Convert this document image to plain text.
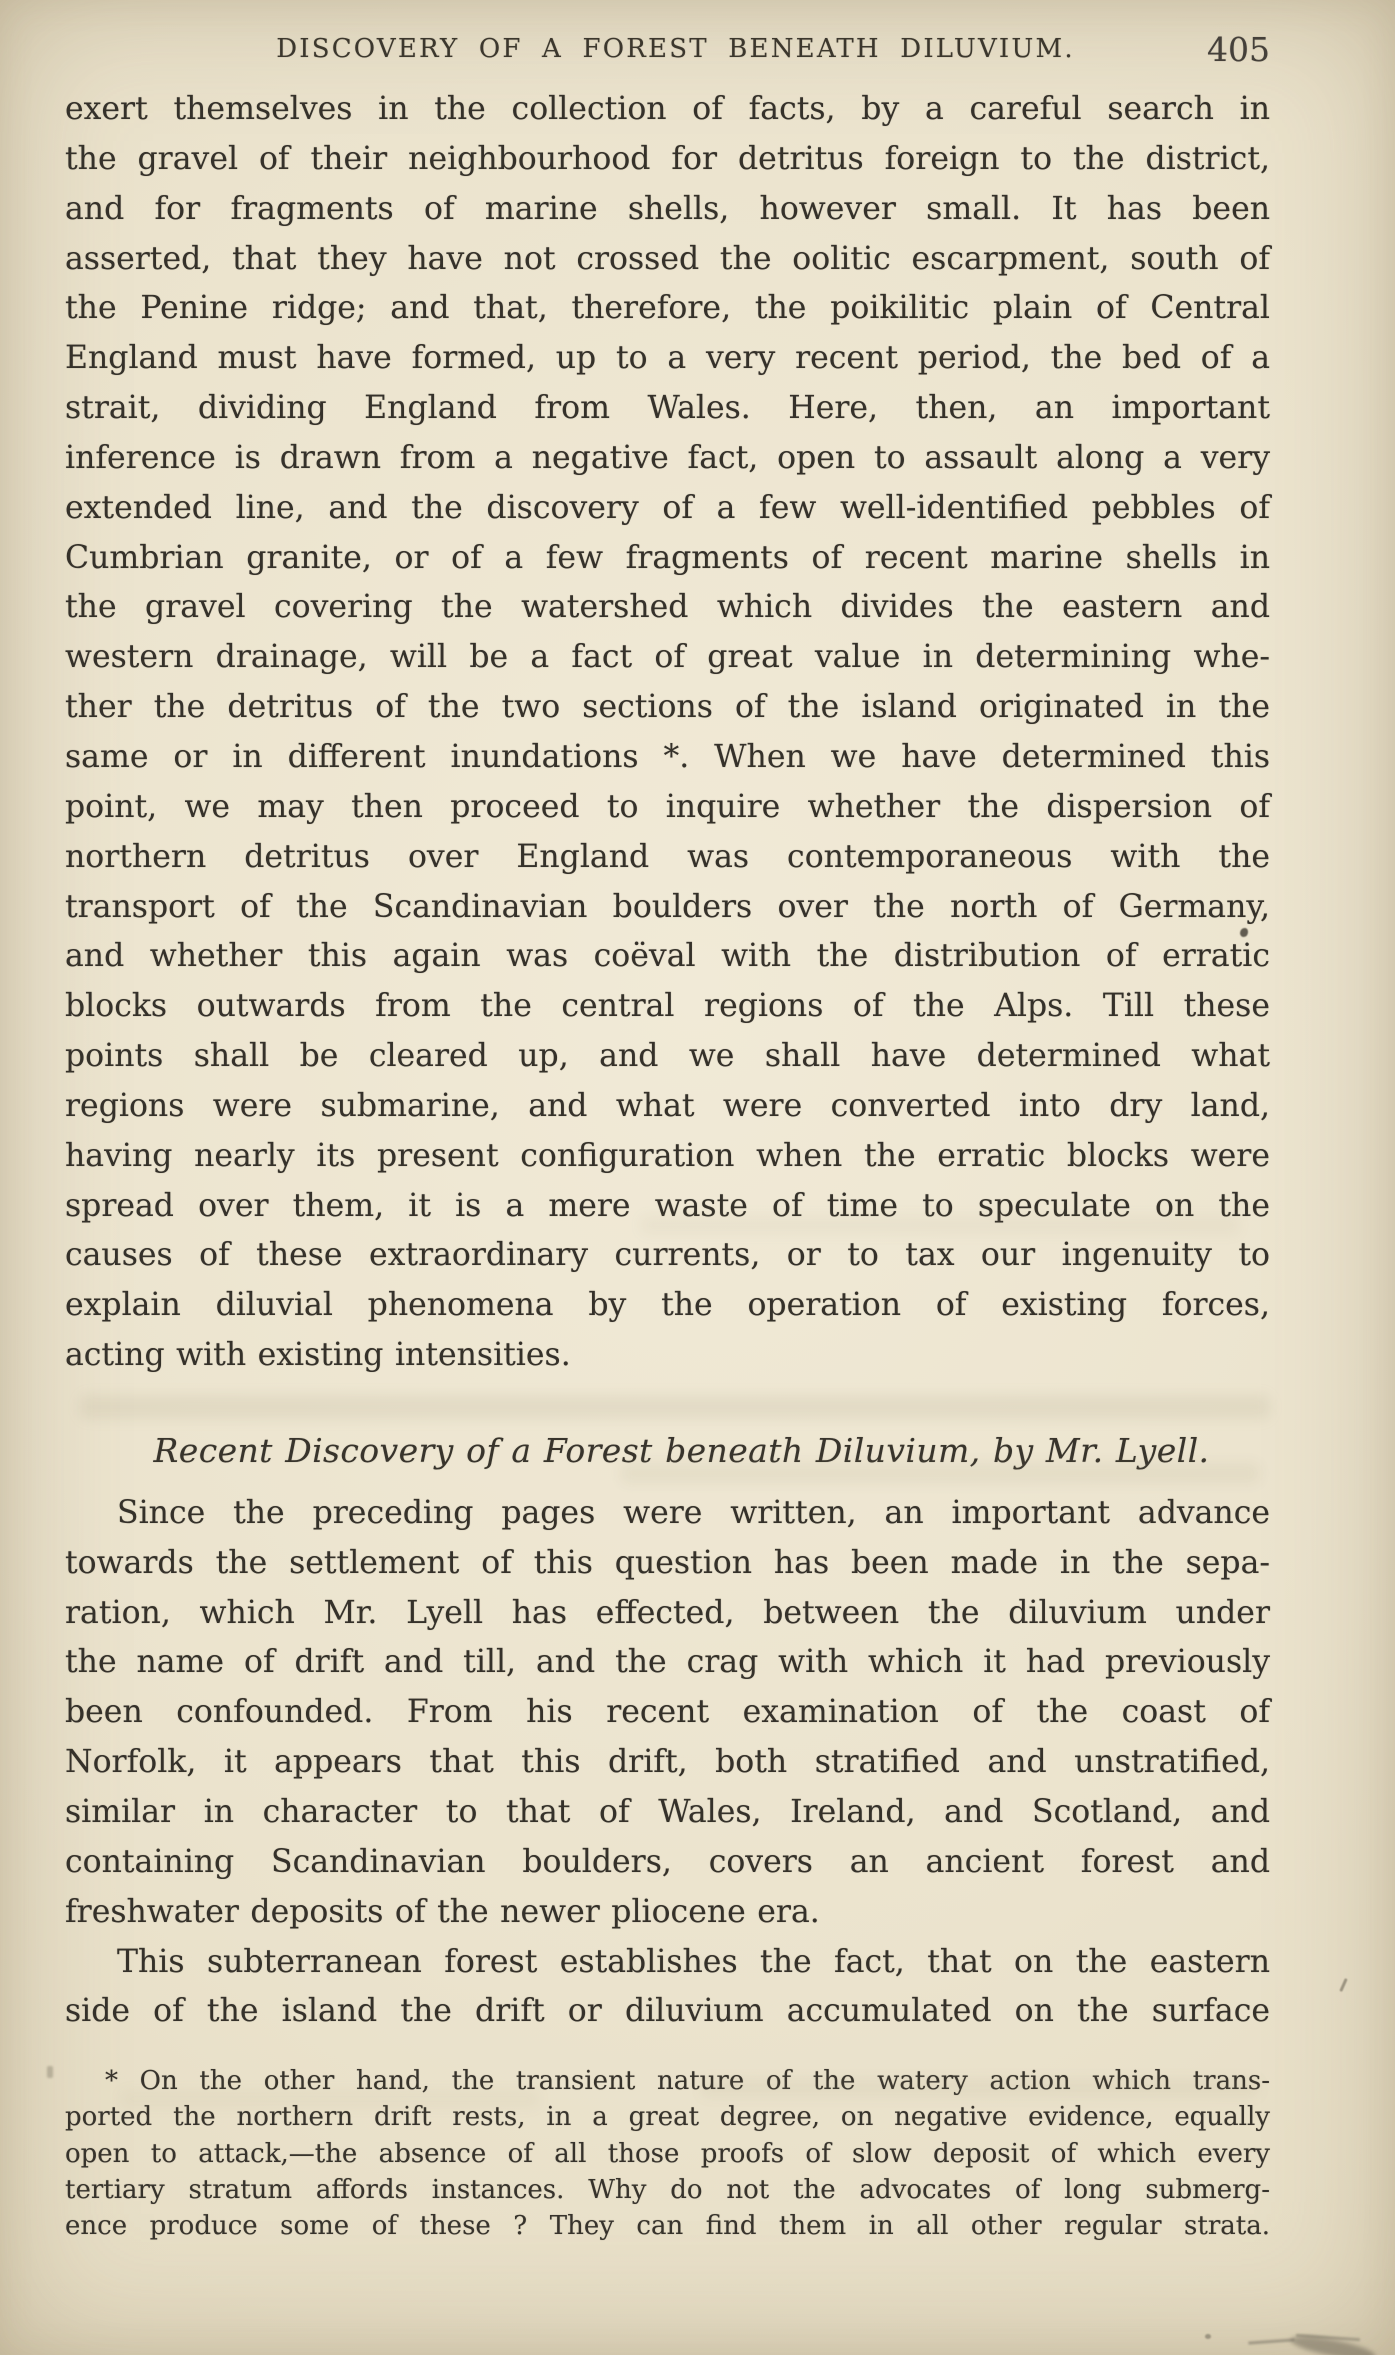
DISCOVERY OF A FOREST BENEATH DILUVIUM.	405
exert themselves in the collection of facts, by a careful search in
the gravel of their neighbourhood for detritus foreign to the district,
and for fragments of marine shells, however small. It has been
asserted, that they have not crossed the oolitic escarpment, south of
the Penine ridge; and that, therefore, the poikilitic plain of Central
England must have formed, up to a very recent period, the bed of a
strait, dividing England from Wales. Here, then, an important
inference is drawn from a negative fact, open to assault along a very
extended line, and the discovery of a few well-identified pebbles of
Cumbrian granite, or of a few fragments of recent marine shells in
the gravel covering the watershed which divides the eastern and
western drainage, will be a fact of great value in determining whe-
ther the detritus of the two sections of the island originated in the
same or in different inundations *. When we have determined this
point, we may then proceed to inquire whether the dispersion of
northern detritus over England was contemporaneous with the
transport of the Scandinavian boulders over the north of Germany,
and whether this again was coëval with the distribution of erratic
blocks outwards from the central regions of the Alps. Till these
points shall be cleared up, and we shall have determined what
regions were submarine, and what were converted into dry land,
having nearly its present configuration when the erratic blocks were
spread over them, it is a mere waste of time to speculate on the
causes of these extraordinary currents, or to tax our ingenuity to
explain diluvial phenomena by the operation of existing forces,
acting with existing intensities.
Recent Discovery of a Forest beneath Diluvium, by Mr. Lyell.
Since the preceding pages were written, an important advance
towards the settlement of this question has been made in the sepa-
ration, which Mr. Lyell has effected, between the diluvium under
the name of drift and till, and the crag with which it had previously
been confounded. From his recent examination of the coast of
Norfolk, it appears that this drift, both stratified and unstratified,
similar in character to that of Wales, Ireland, and Scotland, and
containing Scandinavian boulders, covers an ancient forest and
freshwater deposits of the newer pliocene era.
This subterranean forest establishes the fact, that on the eastern
side of the island the drift or diluvium accumulated on the surface
* On the other hand, the transient nature of the watery action which trans-
ported the northern drift rests, in a great degree, on negative evidence, equally
open to attack,—the absence of all those proofs of slow deposit of which every
tertiary stratum affords instances. Why do not the advocates of long submerg-
ence produce some of these ? They can find them in all other regular strata.
